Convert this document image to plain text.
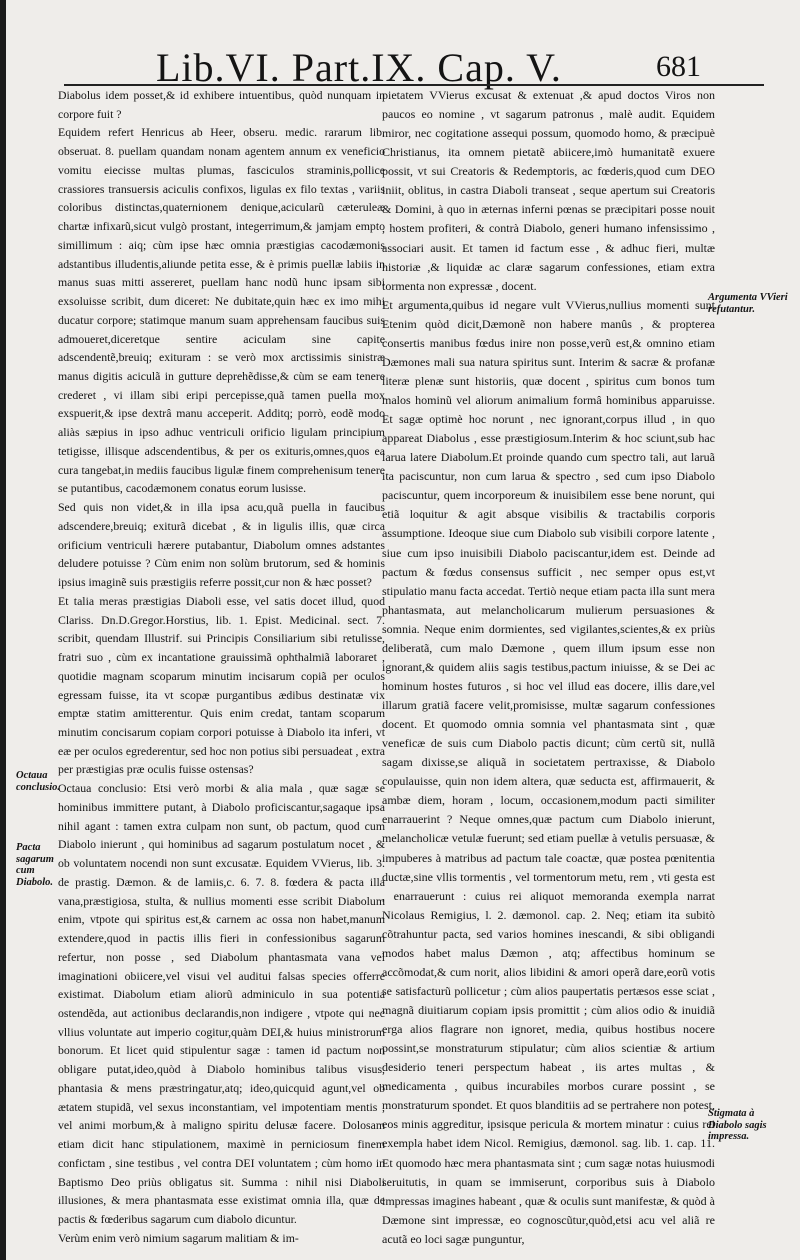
Lib.VI. Part.IX. Cap. V.	681

Diabolus idem posset,& id exhibere intuentibus, quòd nunquam in corpore fuit ?
Equidem refert Henricus ab Heer, obseru. medic. rararum lib. obseruat. 8. puellam quandam nonam agentem annum ex veneficio vomitu eiecisse multas plumas, fasciculos straminis,pollice crassiores transuersis aciculis confixos, ligulas ex filo textas , variis coloribus distinctas,quaternionem denique,acicularũ cæteruleæ chartæ infixarũ,sicut vulgò prostant, integerrimum,& jamjam empto simillimum : aiq; cùm ipse hæc omnia præstigias cacodæmonis adstantibus illudentis,aliunde petita esse, & è primis puellæ labiis in manus suas mitti assereret, puellam hanc nodũ hunc ipsam sibi exsoluisse scribit, dum diceret: Ne dubitate,quin hæc ex imo mihi ducatur corpore; statimque manum suam apprehensam faucibus suis admoueret,diceretque sentire aciculam sine capite adscendentẽ,breuiq; exituram : se verò mox arctissimis sinistræ manus digitis aciculã in gutture deprehẽdisse,& cùm se eam tenere crederet , vi illam sibi eripi percepisse,quã tamen puella mox exspuerit,& ipse dextrâ manu acceperit. Additq; porrò, eodẽ modo aliàs sæpius in ipso adhuc ventriculi orificio ligulam principium tetigisse, illisque adscendentibus, & per os exituris,omnes,quos ea cura tangebat,in mediis faucibus ligulæ finem comprehenisum tenere se putantibus, cacodæmonem conatus eorum lusisse.
Sed quis non videt,& in illa ipsa acu,quã puella in faucibus adscendere,breuiq; exiturã dicebat , & in ligulis illis, quæ circa orificium ventriculi hærere putabantur, Diabolum omnes adstantes deludere potuisse ? Cùm enim non solùm brutorum, sed & hominis ipsius imaginẽ suis præstigiis referre possit,cur non & hæc posset?
Et talia meras præstigias Diaboli esse, vel satis docet illud, quod Clariss. Dn.D.Gregor.Horstius, lib. 1. Epist. Medicinal. sect. 7. scribit, quendam Illustrif. sui Principis Consiliarium sibi retulisse, fratri suo , cùm ex incantatione grauissimã ophthalmiã laboraret , quotidie magnam scoparum minutim incisarum copiã per oculos egressam fuisse, ita vt scopæ purgantibus ædibus destinatæ vix emptæ statim amitterentur. Quis enim credat, tantam scoparum minutim concisarum copiam corpori potuisse à Diabolo ita inferi, vt eæ per oculos egrederentur, sed hoc non potius sibi persuadeat , extra per præstigias præ oculis fuisse ostensas?
Octaua conclusio: Etsi verò morbi & alia mala , quæ sagæ se hominibus immittere putant, à Diabolo proficiscantur,sagaque ipsa nihil agant : tamen extra culpam non sunt, ob pactum, quod cum Diabolo inierunt , qui hominibus ad sagarum postulatum nocet , & ob voluntatem nocendi non sunt excusatæ. Equidem VVierus, lib. 3. de prastig. Dæmon. & de lamiis,c. 6. 7. 8. fœdera & pacta illa vana,præstigiosa, stulta, & nullius momenti esse scribit Diabolum enim, vtpote qui spiritus est,& carnem ac ossa non habet,manum extendere,quod in pactis illis fieri in confessionibus sagarum refertur, non posse , sed Diabolum phantasmata vana vel imaginationi obiicere,vel visui vel auditui falsas species offerre existimat. Diabolum etiam aliorũ adminiculo in sua potentia ostendẽda, aut actionibus declarandis,non indigere , vtpote qui nec vllius voluntate aut imperio cogitur,quàm DEI,& huius ministrorum bonorum. Et licet quid stipulentur sagæ : tamen id pactum non obligare putat,ideo,quòd à Diabolo hominibus talibus visus, phantasia & mens præstringatur,atq; ideo,quicquid agunt,vel ob ætatem stupidã, vel sexus inconstantiam, vel impotentiam mentis , vel animi morbum,& à maligno spiritu delusæ facere. Dolosam etiam dicit hanc stipulationem, maximè in perniciosum finem confictam , sine testibus , vel contra DEI voluntatem ; cùm homo in Baptismo Deo priùs obligatus sit. Summa : nihil nisi Diaboli illusiones, & mera phantasmata esse existimat omnia illa, quæ de pactis & fœderibus sagarum cum diabolo dicuntur.
Verùm enim verò nimium sagarum malitiam & im-

pietatem VVierus excusat & extenuat ,& apud doctos Viros non paucos eo nomine , vt sagarum patronus , malè audit. Equidem miror, nec cogitatione assequi possum, quomodo homo, & præcipuè Christianus, ita omnem pietatẽ abiicere,imò humanitatẽ exuere possit, vt sui Creatoris & Redemptoris, ac fœderis,quod cum DEO iniit, oblitus, in castra Diaboli transeat , seque apertum sui Creatoris & Domini, à quo in æternas inferni pœnas se præcipitari posse nouit , hostem profiteri, & contrà Diabolo, generi humano infensissimo , associari ausit. Et tamen id factum esse , & adhuc fieri, multæ historiæ ,& liquidæ ac claræ sagarum confessiones, etiam extra tormenta non expressæ , docent.
Et argumenta,quibus id negare vult VVierus,nullius momenti sunt Etenim quòd dicit,Dæmonẽ non habere manûs , & propterea consertis manibus fœdus inire non posse,verũ est,& omnino etiam Dæmones mali sua natura spiritus sunt. Interim & sacræ & profanæ literæ plenæ sunt historiis, quæ docent , spiritus cum bonos tum malos hominũ vel aliorum animalium formâ hominibus apparuisse. Et sagæ optimè hoc norunt , nec ignorant,corpus illud , in quo appareat Diabolus , esse præstigiosum.Interim & hoc sciunt,sub hac larua latere Diabolum.Et proinde quando cum spectro tali, aut laruã ita paciscuntur, non cum larua & spectro , sed cum ipso Diabolo paciscuntur, quem incorporeum & inuisibilem esse bene norunt, qui etiã loquitur & agit absque visibilis & tractabilis corporis assumptione. Ideoque siue cum Diabolo sub visibili corpore latente , siue cum ipso inuisibili Diabolo paciscantur,idem est. Deinde ad pactum & fœdus consensus sufficit , nec semper opus est,vt stipulatio manu facta accedat. Tertiò neque etiam pacta illa sunt mera phantasmata, aut melancholicarum mulierum persuasiones & somnia. Neque enim dormientes, sed vigilantes,scientes,& ex priùs deliberatã, cum malo Dæmone , quem illum ipsum esse non ignorant,& quidem aliis sagis testibus,pactum iniuisse, & se Dei ac hominum hostes futuros , si hoc vel illud eas docere, illis dare,vel illarum gratiã facere velit,promisisse, multæ sagarum confessiones docent. Et quomodo omnia somnia vel phantasmata sint , quæ veneficæ de suis cum Diabolo pactis dicunt; cùm certũ sit, nullã sagam dixisse,se aliquã in societatem pertraxisse, & Diabolo copulauisse, quin non idem altera, quæ seducta est, affirmauerit, & ambæ diem, horam , locum, occasionem,modum pacti similiter enarrauerint ? Neque omnes,quæ pactum cum Diabolo inierunt, melancholicæ vetulæ fuerunt; sed etiam puellæ à vetulis persuasæ, & impuberes à matribus ad pactum tale coactæ, quæ postea pœnitentia ductæ,sine vllis tormentis , vel tormentorum metu, rem , vti gesta est , enarrauerunt : cuius rei aliquot memoranda exempla narrat Nicolaus Remigius, l. 2. dæmonol. cap. 2. Neq; etiam ita subitò cõtrahuntur pacta, sed varios homines inescandi, & sibi obligandi modos habet malus Dæmon , atq; affectibus hominum se accõmodat,& cum norit, alios libidini & amori operã dare,eorũ votis se satisfacturũ pollicetur ; cùm alios paupertatis pertæsos esse sciat , magnã diuitiarum copiam ipsis promittit ; cùm alios odio & inuidiã erga alios flagrare non ignoret, media, quibus hostibus nocere possint,se monstraturum stipulatur; cùm alios scientiæ & artium desiderio teneri perspectum habeat , iis artes multas , & medicamenta , quibus incurabiles morbos curare possint , se monstraturum spondet. Et quos blanditiis ad se pertrahere non potest, eos minis aggreditur, ipsisque pericula & mortem minatur : cuius rei exempla habet idem Nicol. Remigius, dæmonol. sag. lib. 1. cap. 11. Et quomodo hæc mera phantasmata sint ; cum sagæ notas huiusmodi seruitutis, in quam se immiserunt, corporibus suis à Diabolo impressas imagines habeant , quæ & oculis sunt manifestæ, & quòd à Dæmone sint impressæ, eo cognoscũtur,quòd,etsi acu vel aliã re acutã eo loci sagæ punguntur,

Octaua conclusio.
Pacta sagarum cum Diabolo.
Argumenta VVieri refutantur.
Stigmata à Diabolo sagis impressa.
